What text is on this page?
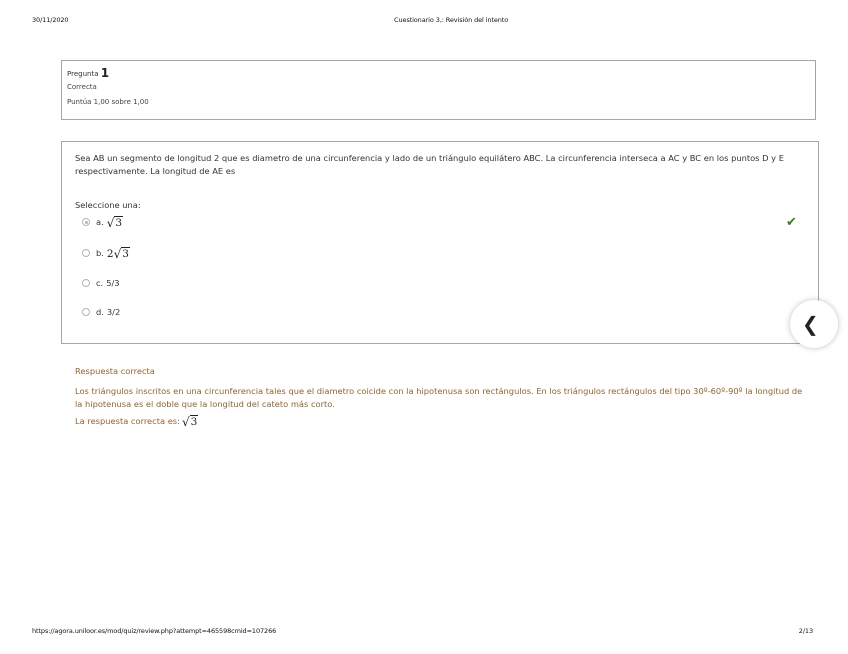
30/11/2020	Cuestionario 3,: Revisión del intento
Pregunta 1
Correcta
Puntúa 1,00 sobre 1,00
Sea AB un segmento de longitud 2 que es diametro de una circunferencia y lado de un triángulo equilátero ABC. La circunferencia interseca a AC y BC en los puntos D y E respectivamente. La longitud de AE es
Seleccione una:
a. √ 3	✔
b. 2 √ 3
c. 5/3
d. 3/2	❮
Respuesta correcta
Los triángulos inscritos en una circunferencia tales que el diametro coicide con la hipotenusa son rectángulos. En los triángulos rectángulos del tipo 30º-60º-90º la longitud de la hipotenusa es el doble que la longitud del cateto más corto.
La respuesta correcta es: √ 3
https://agora.uniloor.es/mod/quiz/review.php?attempt=465598cmid=107266	2/13
